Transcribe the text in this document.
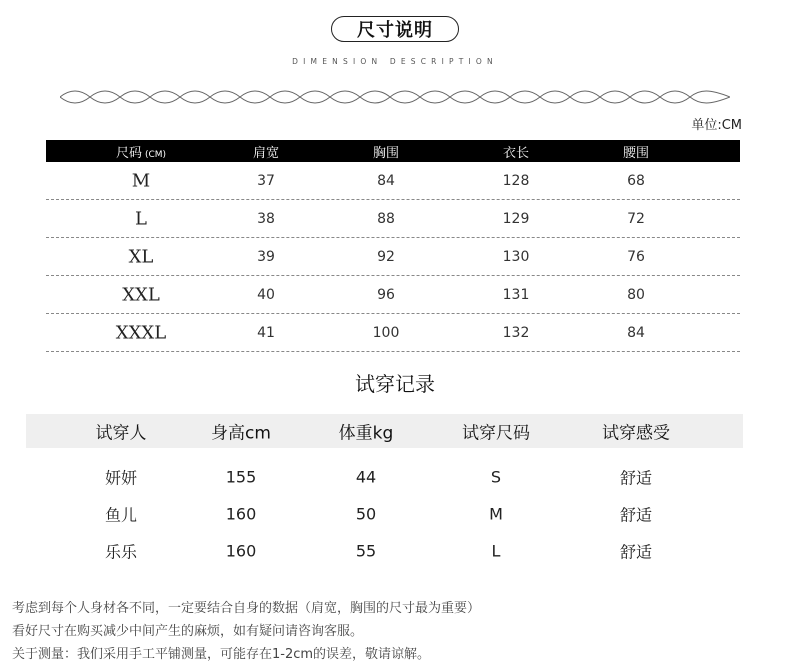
尺寸说明
DIMENSION DESCRIPTION
单位:CM
尺码 (CM)	肩宽	胸围	衣长	腰围
M	37	84	128	68
L	38	88	129	72
XL	39	92	130	76
XXL	40	96	131	80
XXXL	41	100	132	84
试穿记录
试穿人	身高cm	体重kg	试穿尺码	试穿感受
考虑到每个人身材各不同，一定要结合自身的数据（肩宽，胸围的尺寸最为重要）
看好尺寸在购买减少中间产生的麻烦，如有疑问请咨询客服。
关于测量：我们采用手工平铺测量，可能存在1-2cm的误差，敬请谅解。
妍妍	155	44	S	舒适
鱼儿	160	50	M	舒适
乐乐	160	55	L	舒适
